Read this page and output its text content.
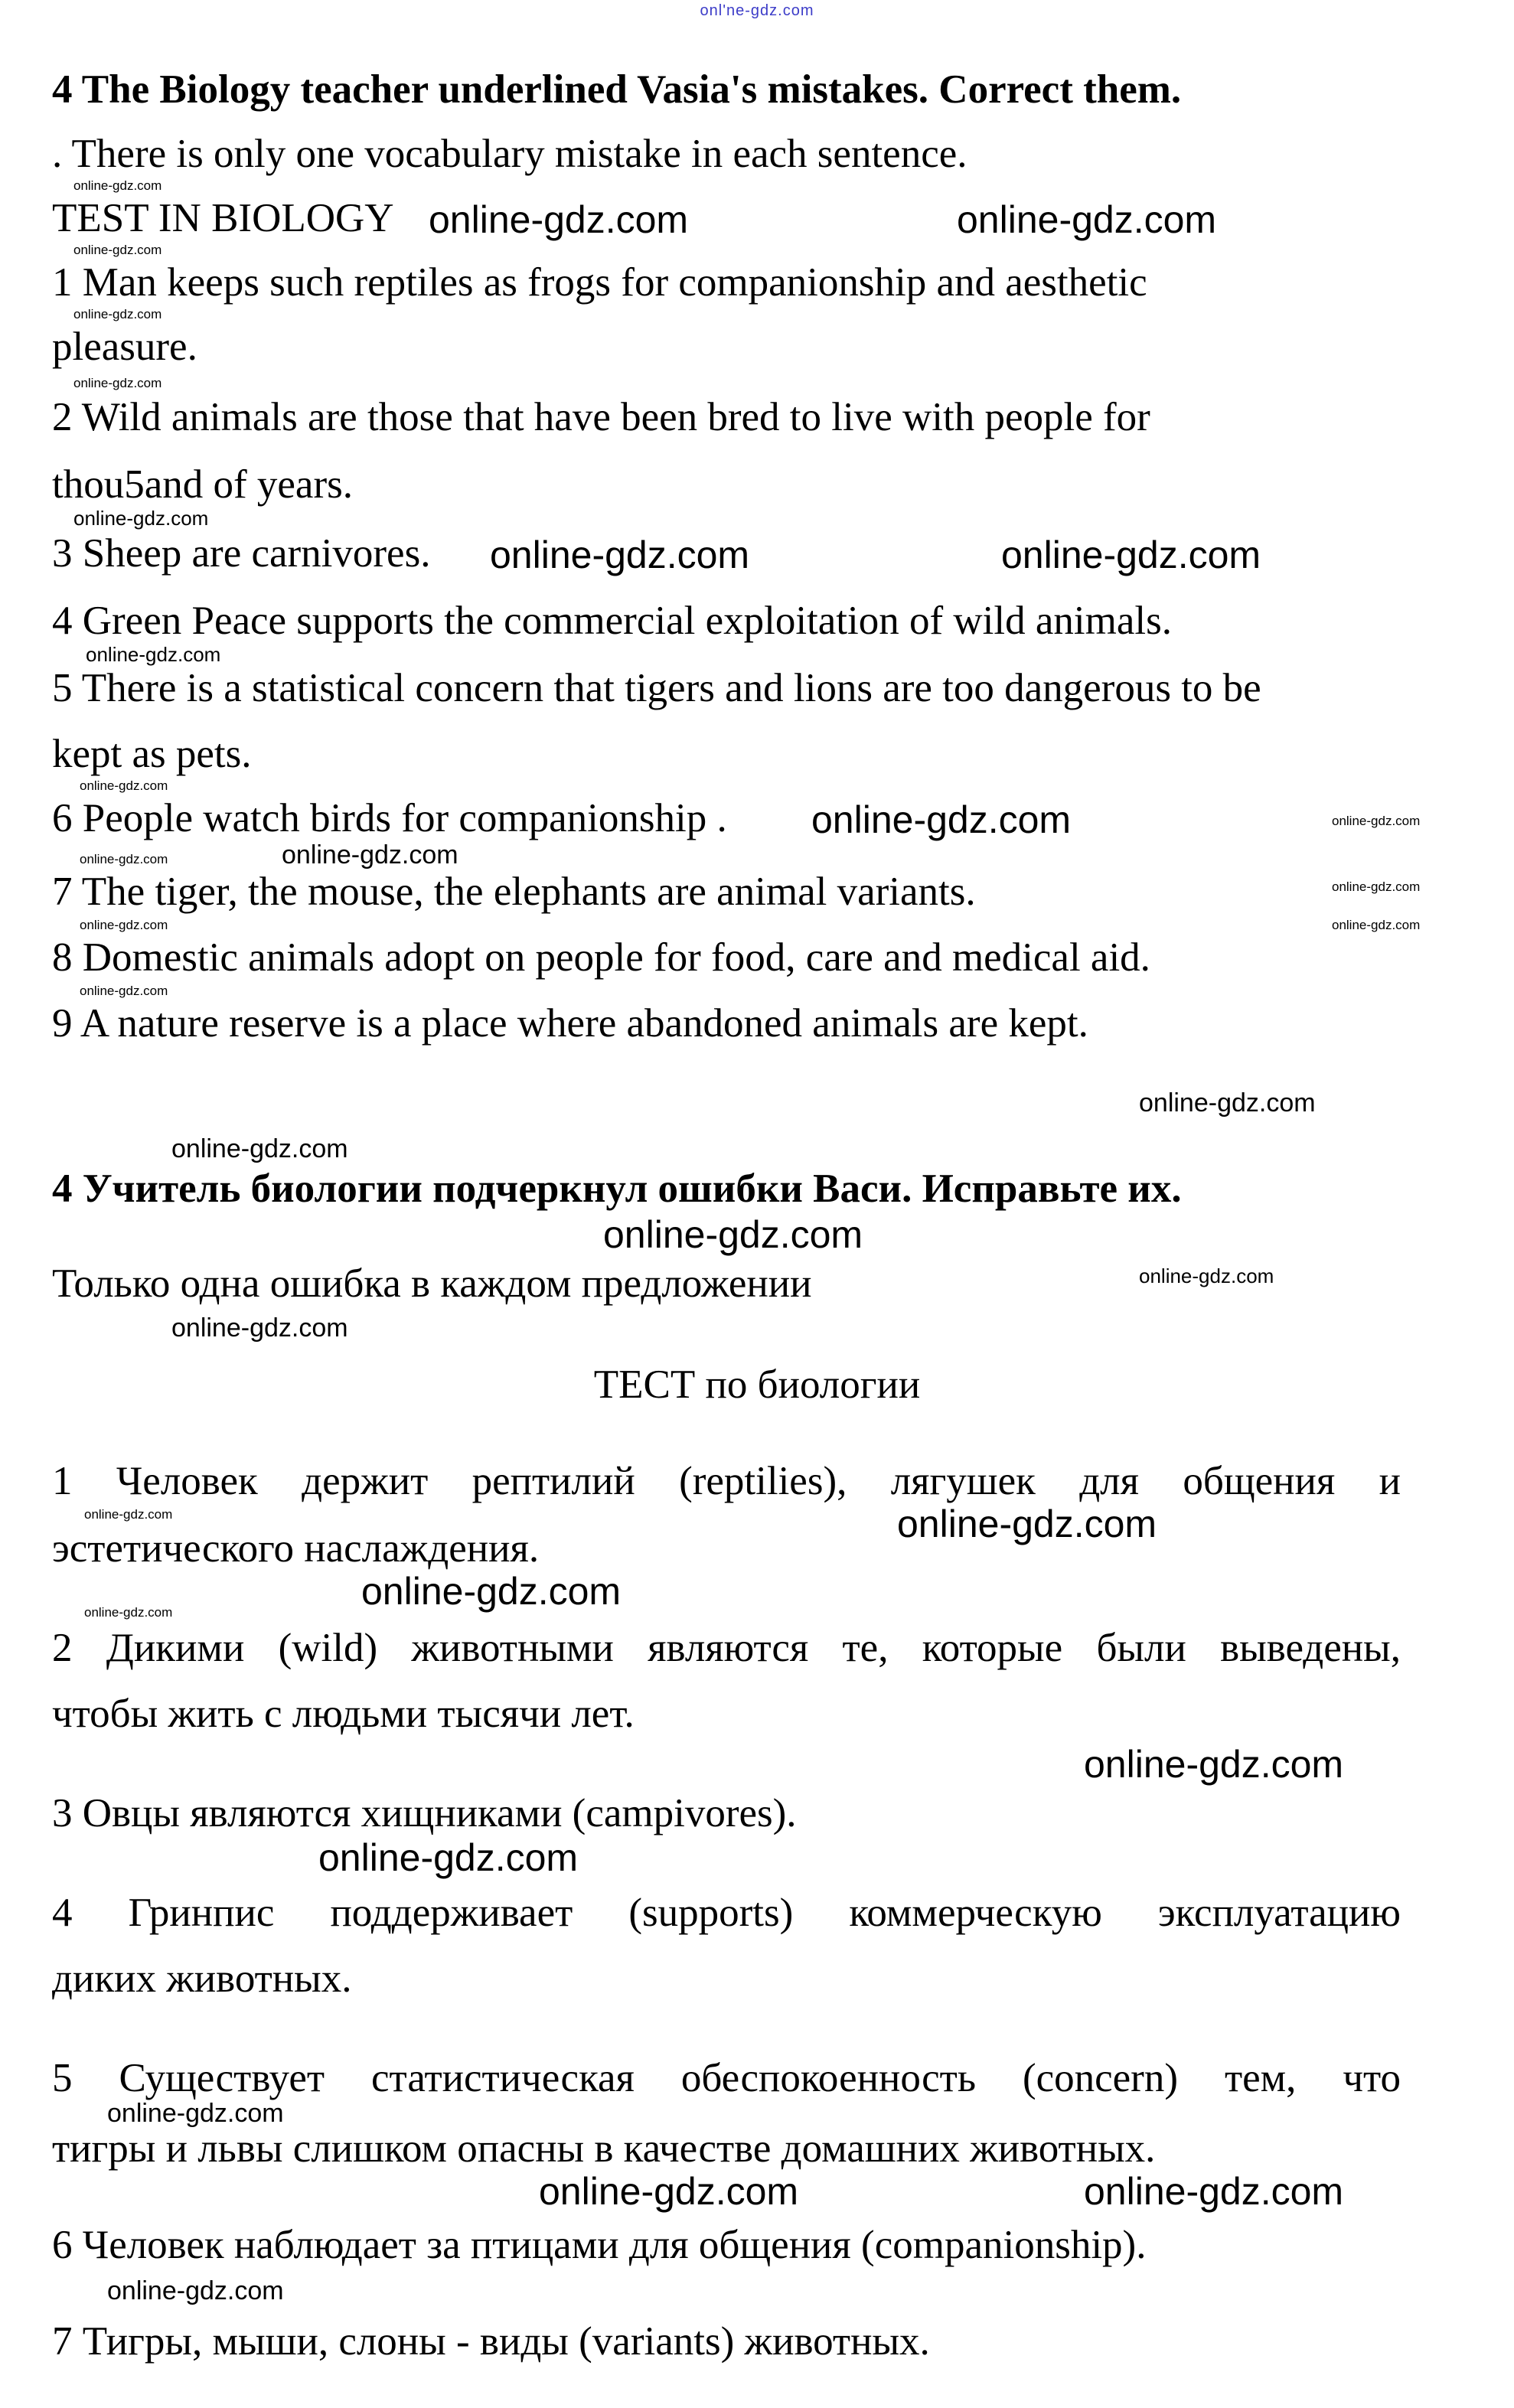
onl'ne-gdz.com
4 The Biology teacher underlined Vasia's mistakes. Correct them.
. There is only one vocabulary mistake in each sentence.
online-gdz.com
TEST IN BIOLOGY online-gdz.com	online-gdz.com
online-gdz.com
1 Man keeps such reptiles as frogs for companionship and aesthetic
online-gdz.com
pleasure.
online-gdz.com
2 Wild animals are those that have been bred to live with people for
thou5and of years.
online-gdz.com
3 Sheep are carnivores. online-gdz.com	online-gdz.com
4 Green Peace supports the commercial exploitation of wild animals.
online-gdz.com
5 There is a statistical concern that tigers and lions are too dangerous to be
kept as pets.
online-gdz.com
6 People watch birds for companionship . online-gdz.com	online-gdz.com
online-gdz.com
online-gdz.com
7 The tiger, the mouse, the elephants are animal variants.	online-gdz.com
online-gdz.com	online-gdz.com
8 Domestic animals adopt on people for food, care and medical aid.
online-gdz.com
9 A nature reserve is a place where abandoned animals are kept.
online-gdz.com
online-gdz.com
4 Учитель биологии подчеркнул ошибки Васи. Исправьте их.
online-gdz.com
Только одна ошибка в каждом предложении	online-gdz.com
online-gdz.com
ТЕСТ по биологии
1 Человек держит рептилий (reptilies), лягушек для общения и
online-gdz.com
online-gdz.com
эстетического наслаждения.
online-gdz.com
online-gdz.com
2 Дикими (wild) животными являются те, которые были выведены,
чтобы жить с людьми тысячи лет.
online-gdz.com
3 Овцы являются хищниками (campivores).
online-gdz.com
4 Гринпис поддерживает (supports) коммерческую эксплуатацию
диких животных.
5 Существует статистическая обеспокоенность (concern) тем, что
online-gdz.com
тигры и львы слишком опасны в качестве домашних животных.
online-gdz.com	online-gdz.com
6 Человек наблюдает за птицами для общения (companionship).
online-gdz.com
7 Тигры, мыши, слоны - виды (variants) животных.
